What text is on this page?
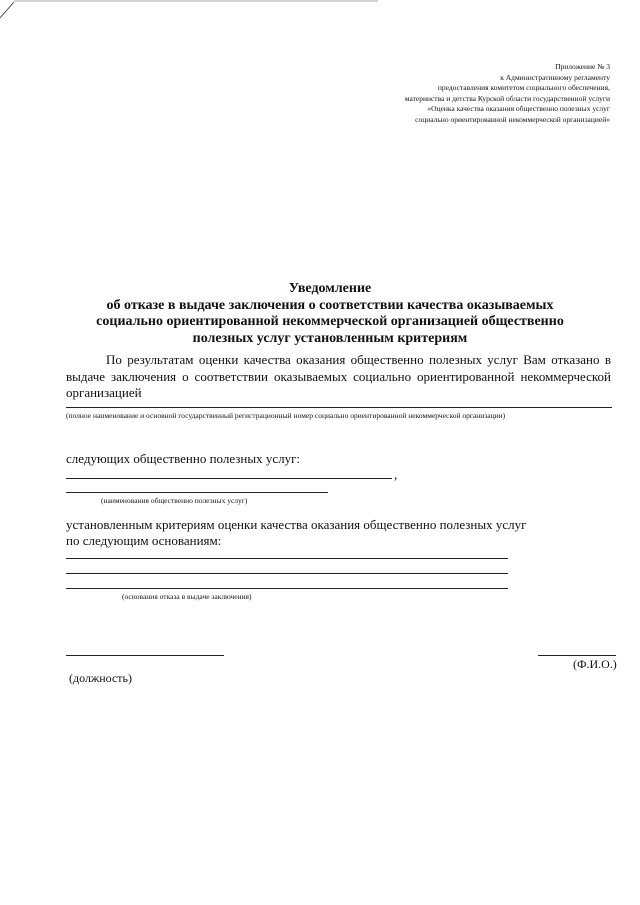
Приложение № 3
к Административному регламенту
предоставления комитетом социального обеспечения,
материнства и детства Курской области государственной услуги
«Оценка качества оказания общественно полезных услуг
социально ориентированной некоммерческой организацией»
Уведомление
об отказе в выдаче заключения о соответствии качества оказываемых
социально ориентированной некоммерческой организацией общественно
полезных услуг установленным критериям
По результатам оценки качества оказания общественно полезных услуг Вам отказано в выдаче заключения о соответствии оказываемых социально ориентированной некоммерческой организацией
(полное наименование и основной государственный регистрационный номер социально ориентированной некоммерческой организации)
следующих общественно полезных услуг:
,
(наименования общественно полезных услуг)
установленным критериям оценки качества оказания общественно полезных услуг
по следующим основаниям:
(основания отказа в выдаче заключения)
(Ф.И.О.)
(должность)
